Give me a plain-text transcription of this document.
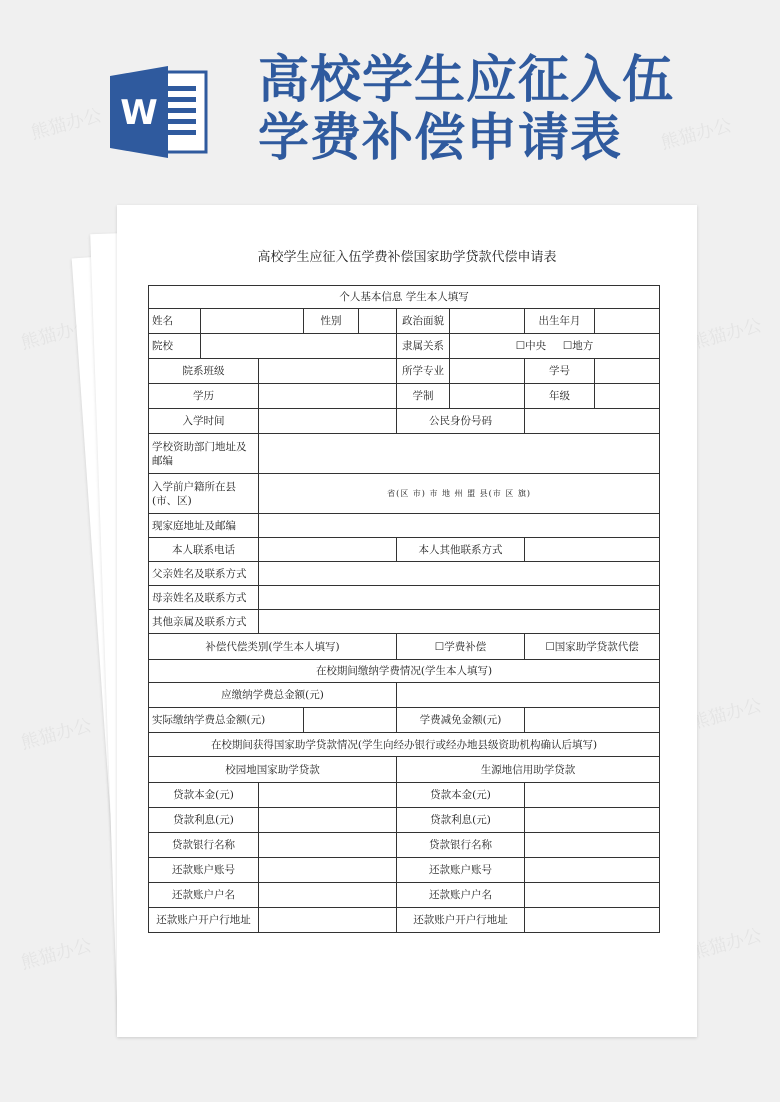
熊猫办公	熊猫办公
熊猫办公	熊猫办公
熊猫办公
熊猫办公
熊猫办公	熊猫办公
W
高校学生应征入伍
学费补偿申请表
高校学生应征入伍学费补偿国家助学贷款代偿申请表
个人基本信息 学生本人填写								
姓名			性别		政治面貌		出生年月	
院校					隶属关系	☐中央 ☐地方		
院系班级					所学专业		学号	
学历					学制		年级	
入学时间					公民身份号码			
学校资助部门地址及邮编								
入学前户籍所在县(市、区)		省(区 市) 市 地 州 盟 县(市 区 旗)						
现家庭地址及邮编								
本人联系电话					本人其他联系方式			
父亲姓名及联系方式								
母亲姓名及联系方式								
其他亲属及联系方式								
补偿代偿类别(学生本人填写)					☐学费补偿		☐国家助学贷款代偿	
在校期间缴纳学费情况(学生本人填写)								
应缴纳学费总金额(元)								
实际缴纳学费总金额(元)					学费减免金额(元)			
在校期间获得国家助学贷款情况(学生向经办银行或经办地县级资助机构确认后填写)								
校园地国家助学贷款					生源地信用助学贷款			
贷款本金(元)					贷款本金(元)			
贷款利息(元)					贷款利息(元)			
贷款银行名称					贷款银行名称			
还款账户账号					还款账户账号			
还款账户户名					还款账户户名			
还款账户开户行地址					还款账户开户行地址			
